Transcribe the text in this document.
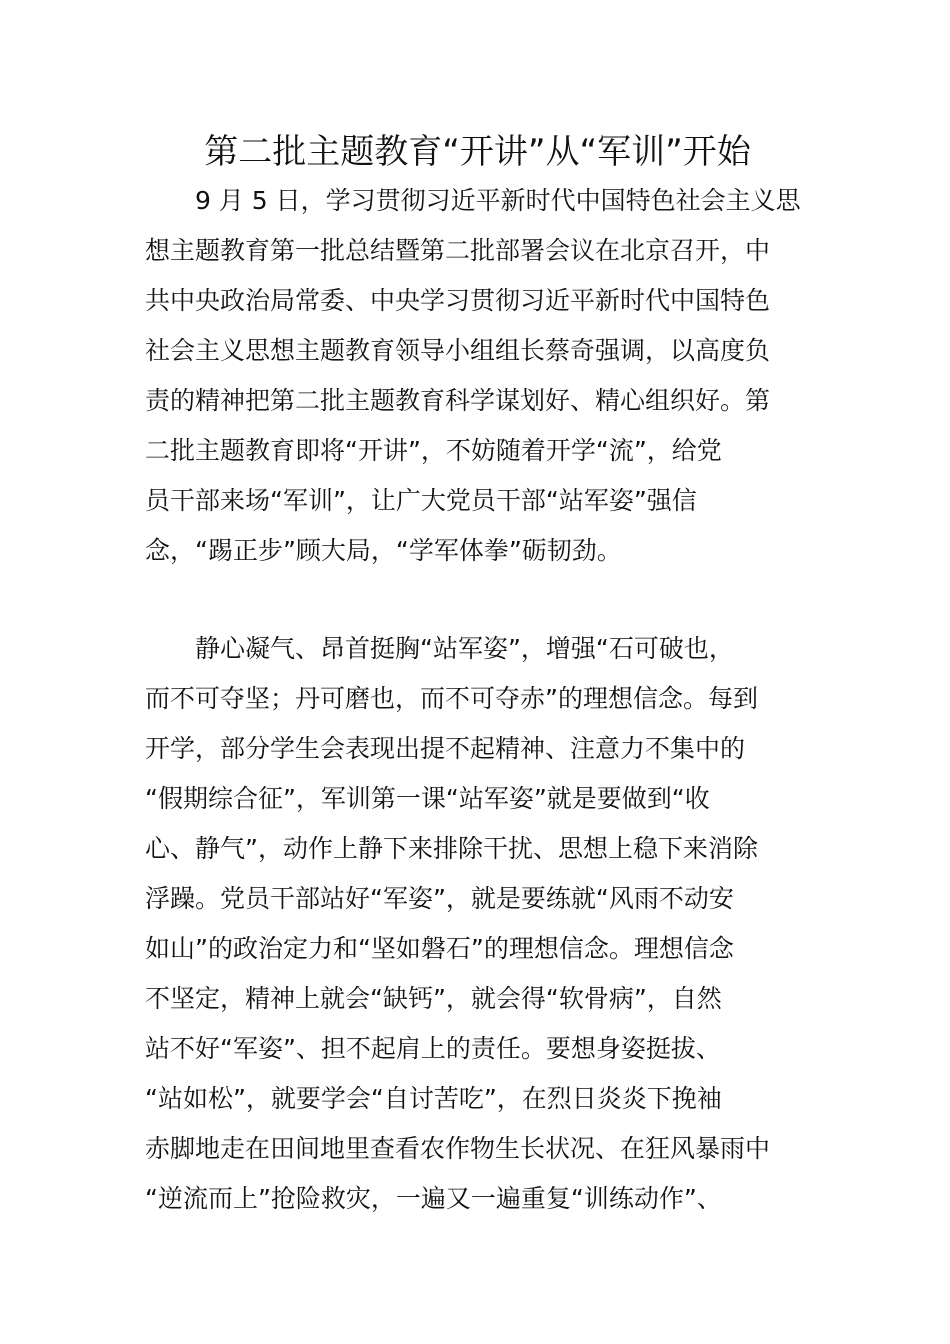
第二批主题教育“开讲”从“军训”开始
　　9 月 5 日，学习贯彻习近平新时代中国特色社会主义思
想主题教育第一批总结暨第二批部署会议在北京召开，中
共中央政治局常委、中央学习贯彻习近平新时代中国特色
社会主义思想主题教育领导小组组长蔡奇强调，以高度负
责的精神把第二批主题教育科学谋划好、精心组织好。第
二批主题教育即将“开讲”，不妨随着开学“流”，给党
员干部来场“军训”，让广大党员干部“站军姿”强信
念，“踢正步”顾大局，“学军体拳”砺韧劲。
　　静心凝气、昂首挺胸“站军姿”，增强“石可破也，
而不可夺坚；丹可磨也，而不可夺赤”的理想信念。每到
开学，部分学生会表现出提不起精神、注意力不集中的
“假期综合征”，军训第一课“站军姿”就是要做到“收
心、静气”，动作上静下来排除干扰、思想上稳下来消除
浮躁。党员干部站好“军姿”，就是要练就“风雨不动安
如山”的政治定力和“坚如磐石”的理想信念。理想信念
不坚定，精神上就会“缺钙”，就会得“软骨病”，自然
站不好“军姿”、担不起肩上的责任。要想身姿挺拔、
“站如松”，就要学会“自讨苦吃”，在烈日炎炎下挽袖
赤脚地走在田间地里查看农作物生长状况、在狂风暴雨中
“逆流而上”抢险救灾，一遍又一遍重复“训练动作”、
